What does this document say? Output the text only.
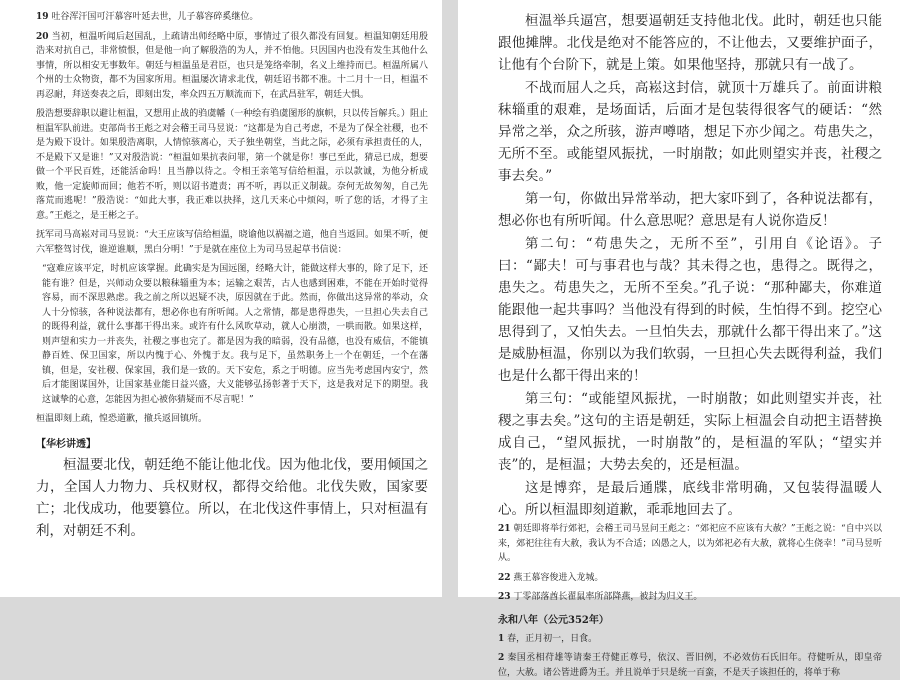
19 吐谷浑汗国可汗慕容叶延去世，儿子慕容碎奚继位。

20 当初，桓温听闻后赵国乱，上疏请出师经略中原，事情过了很久都没有回复。桓温知朝廷用殷浩来对抗自己，非常愤恨，但是他一向了解殷浩的为人，并不怕他。只因国内也没有发生其他什么事情，所以相安无事数年。朝廷与桓温虽是君臣，也只是笼络牵制，名义上维持而已。桓温所属八个州的士众物资，都不为国家所用。桓温屡次请求北伐，朝廷诏书都不准。十二月十一日，桓温不再忍耐，拜送奏表之后，即刻出发，率众四五万顺流而下，在武昌驻军，朝廷大惧。

殷浩想要辞职以避让桓温，又想用止战的驺虞幡（一种绘有驺虞图形的旗帜，只以传旨解兵。）阻止桓温军队前进。吏部尚书王彪之对会稽王司马昱说：“这都是为自己考虑，不是为了保全社稷，也不是为殿下设计。如果殷浩离职，人情惊骇离心，天子独坐朝堂，当此之际，必须有承担责任的人，不是殿下又是谁！”又对殷浩说：“桓温如果抗表问罪，第一个就是你！事已至此，猜忌已成，想要做一个平民百姓，还能活命吗！且当静以待之。令相王亲笔写信给桓温，示以款诚，为他分析成败，他一定旋师而回；他若不听，则以诏书遣责；再不听，再以正义制裁。奈何无故匆匆，自己先落荒而逃呢！”殷浩说：“如此大事，我正难以抉择，这几天来心中烦闷，听了您的话，才得了主意。”王彪之，是王彬之子。

抚军司马高崧对司马昱说：“大王应该写信给桓温，晓谕他以祸福之道，他自当返回。如果不听，便六军整驾讨伐，谁逆谁顺，黑白分明！”于是就在座位上为司马昱起草书信说：

“寇难应该平定，时机应该掌握。此确实是为国远图，经略大计，能做这样大事的，除了足下，还能有谁？但是，兴师动众要以粮秣辎重为本；运输之艰苦，古人也感到困难，不能在开始时觉得容易，而不深思熟虑。我之前之所以迟疑不决，原因就在于此。然而，你做出这异常的举动，众人十分惊骇，各种说法都有，想必你也有所听闻。人之常情，都是患得患失，一旦担心失去自己的既得利益，就什么事都干得出来。或许有什么风吹草动，就人心崩溃，一哄而散。如果这样，则声望和实力一并丧失，社稷之事也完了。都是因为我的暗弱，没有品德，也没有威信，不能镇静百姓、保卫国家，所以内愧于心、外愧于友。我与足下，虽然职务上一个在朝廷，一个在藩镇，但是，安社稷、保家国，我们是一致的。天下安危，系之于明德。应当先考虑国内安宁，然后才能图谋国外，让国家基业能日益兴盛，大义能够弘扬彰著于天下，这是我对足下的期望。我这诚挚的心意，怎能因为担心被你猜疑而不尽言呢！”

桓温即刻上疏，惶恐道歉，撤兵返回镇所。

【华杉讲透】

桓温要北伐，朝廷绝不能让他北伐。因为他北伐，要用倾国之力，全国人力物力、兵权财权，都得交给他。北伐失败，国家要亡；北伐成功，他要篡位。所以，在北伐这件事情上，只对桓温有利，对朝廷不利。

桓温举兵逼宫，想要逼朝廷支持他北伐。此时，朝廷也只能跟他摊牌。北伐是绝对不能答应的，不让他去，又要维护面子，让他有个台阶下，就是上策。如果他坚持，那就只有一战了。

不战而屈人之兵，高崧这封信，就顶十万雄兵了。前面讲粮秣辎重的艰难，是场面话，后面才是包装得很客气的硬话：“然异常之举，众之所骇，游声噂𠴲，想足下亦少闻之。苟患失之，无所不至。或能望风振扰，一时崩散；如此则望实并丧，社稷之事去矣。”

第一句，你做出异常举动，把大家吓到了，各种说法都有，想必你也有所听闻。什么意思呢？意思是有人说你造反！

第二句：“苟患失之，无所不至”，引用自《论语》。子曰：“鄙夫！可与事君也与哉？其未得之也，患得之。既得之，患失之。苟患失之，无所不至矣。”孔子说：“那种鄙夫，你难道能跟他一起共事吗？当他没有得到的时候，生怕得不到。挖空心思得到了，又怕失去。一旦怕失去，那就什么都干得出来了。”这是威胁桓温，你别以为我们软弱，一旦担心失去既得利益，我们也是什么都干得出来的！

第三句：“或能望风振扰，一时崩散；如此则望实并丧，社稷之事去矣。”这句的主语是朝廷，实际上桓温会自动把主语替换成自己，“望风振扰，一时崩散”的，是桓温的军队；“望实并丧”的，是桓温；大势去矣的，还是桓温。

这是博弈，是最后通牒，底线非常明确，又包装得温暖人心。所以桓温即刻道歉，乖乖地回去了。

21 朝廷即将举行郊祀，会稽王司马昱问王彪之：“郊祀应不应该有大赦？”王彪之说：“自中兴以来，郊祀往往有大赦，我认为不合适；凶愚之人，以为郊祀必有大赦，就将心生侥幸！”司马昱听从。

22 燕王慕容俊进入龙城。

23 丁零部落酋长翟鼠率所部降燕，被封为归义王。

永和八年（公元352年）

1 春，正月初一，日食。

2 秦国丞相苻雄等请秦王苻健正尊号，依汉、晋旧例，不必效仿石氏旧年。苻健听从，即皇帝位，大赦。诸公皆进爵为王。并且说单于只是统一百蛮，不是天子该担任的，将单于称
